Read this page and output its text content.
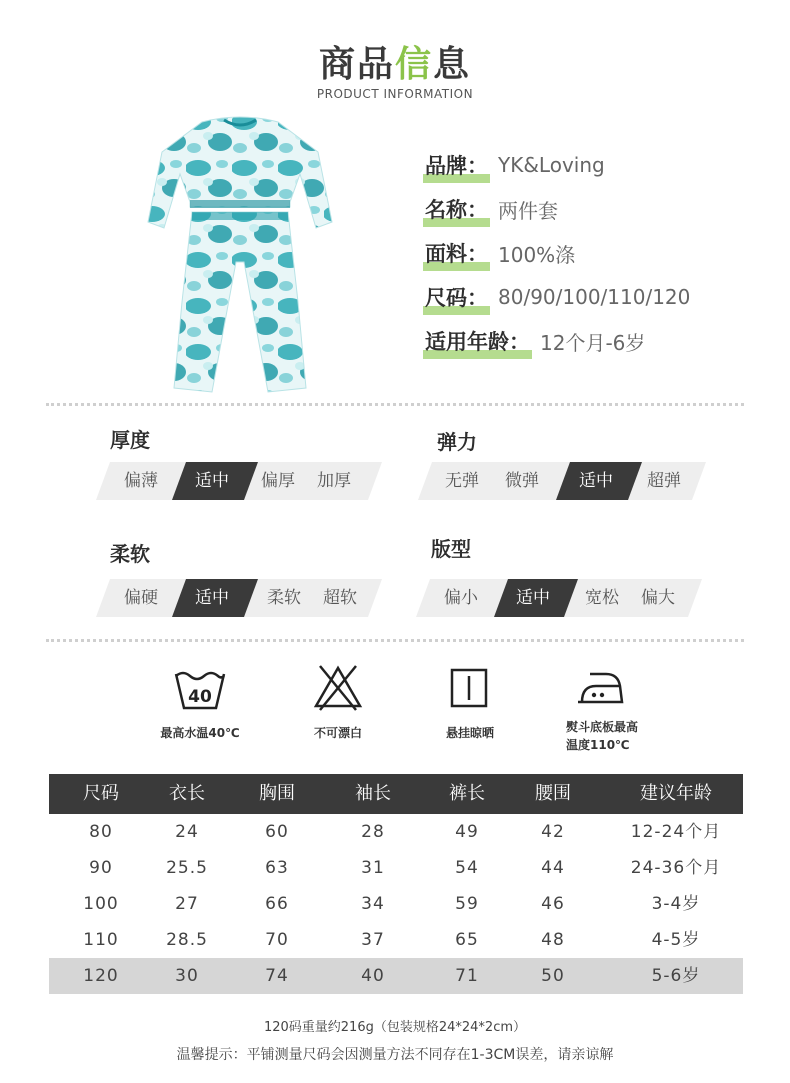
商品信息
PRODUCT INFORMATION
品牌： YK&Loving
名称： 两件套
面料： 100%涤
尺码： 80/90/100/110/120
适用年龄： 12个月-6岁
厚度
偏薄	适中	偏厚	加厚
弹力
无弹	微弹	适中	超弹
柔软
偏硬	适中	柔软	超软
版型
偏小	适中	宽松	偏大
40
最高水温40℃	不可漂白	悬挂晾晒	熨斗底板最高
温度110℃
尺码	衣长	胸围	袖长	裤长	腰围	建议年龄
80	24	60	28	49	42	12-24个月
90	25.5	63	31	54	44	24-36个月
100	27	66	34	59	46	3-4岁
110	28.5	70	37	65	48	4-5岁
120	30	74	40	71	50	5-6岁
120码重量约216g（包装规格24*24*2cm）
温馨提示：平铺测量尺码会因测量方法不同存在1-3CM误差，请亲谅解
